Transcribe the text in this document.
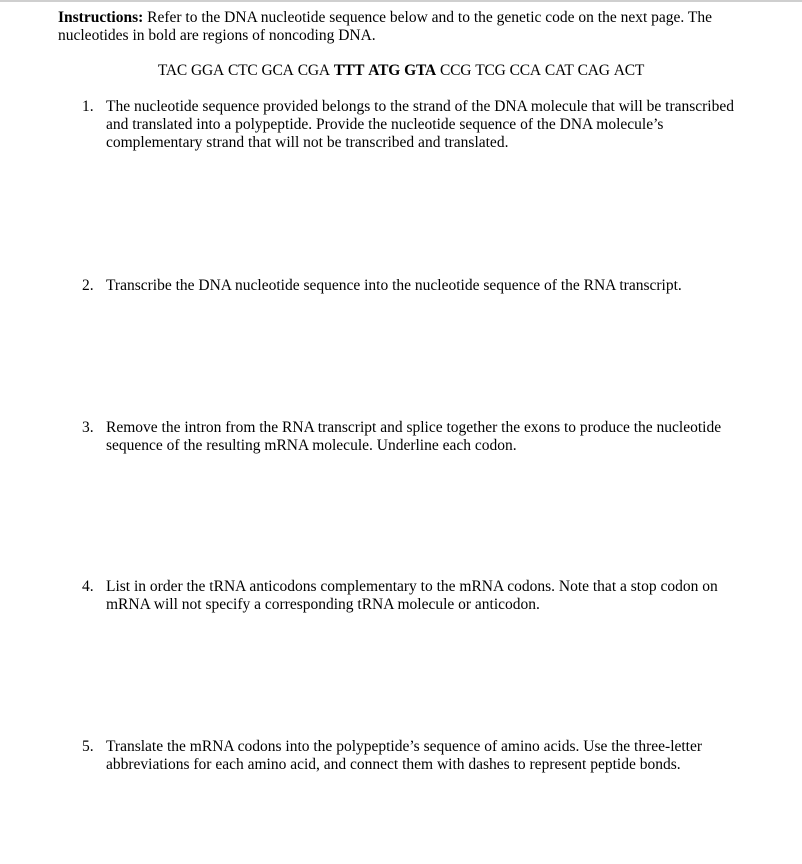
Instructions: Refer to the DNA nucleotide sequence below and to the genetic code on the next page. The nucleotides in bold are regions of noncoding DNA.
TAC GGA CTC GCA CGA TTT ATG GTA CCG TCG CCA CAT CAG ACT
1. The nucleotide sequence provided belongs to the strand of the DNA molecule that will be transcribed and translated into a polypeptide. Provide the nucleotide sequence of the DNA molecule’s complementary strand that will not be transcribed and translated.
2. Transcribe the DNA nucleotide sequence into the nucleotide sequence of the RNA transcript.
3. Remove the intron from the RNA transcript and splice together the exons to produce the nucleotide sequence of the resulting mRNA molecule. Underline each codon.
4. List in order the tRNA anticodons complementary to the mRNA codons. Note that a stop codon on mRNA will not specify a corresponding tRNA molecule or anticodon.
5. Translate the mRNA codons into the polypeptide’s sequence of amino acids. Use the three-letter abbreviations for each amino acid, and connect them with dashes to represent peptide bonds.
